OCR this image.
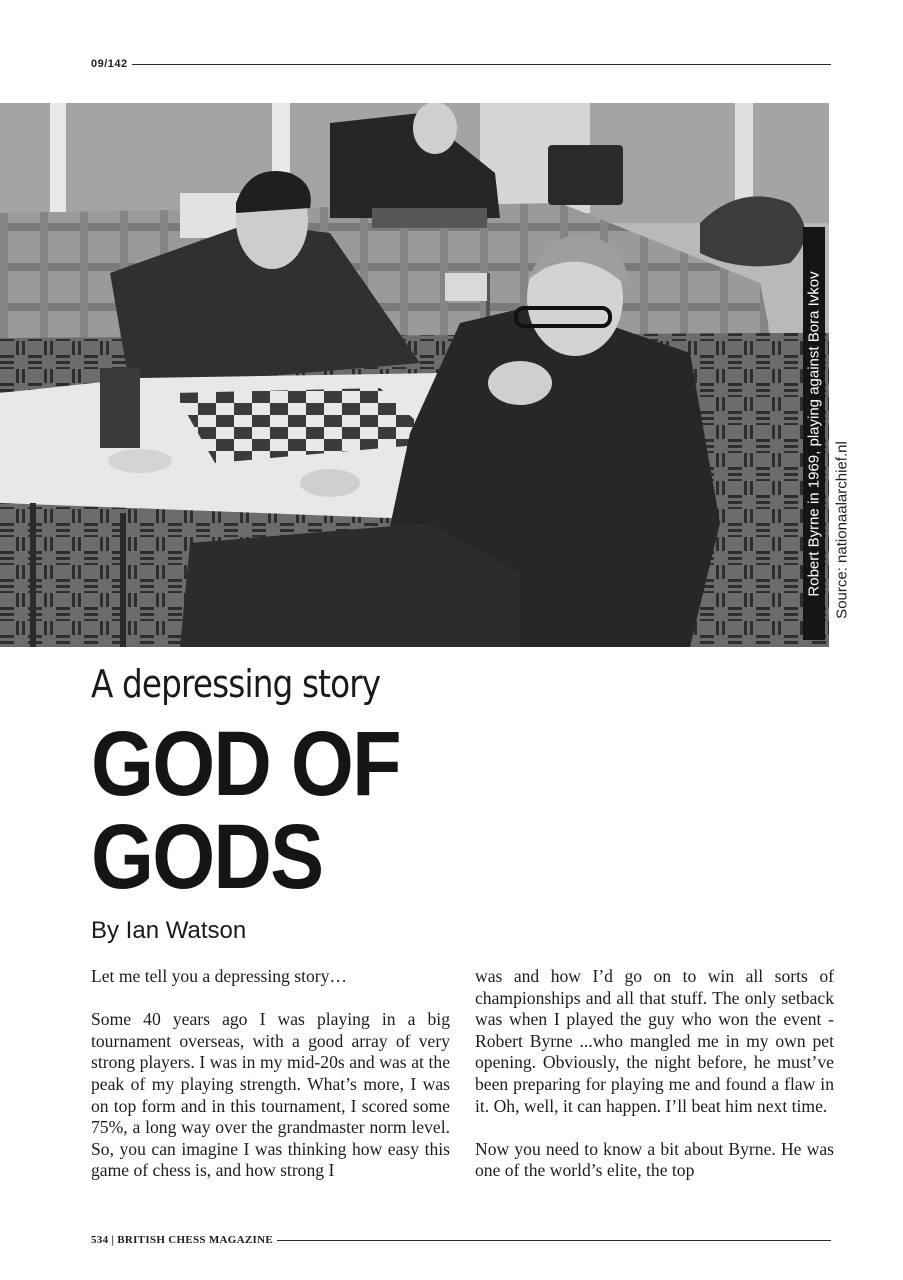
09/142
Robert Byrne in 1969, playing against Bora Ivkov Source: nationaalarchief.nl
A depressing story
GOD OF
GODS
By Ian Watson

Let me tell you a depressing story…

Some 40 years ago I was playing in a big tournament overseas, with a good array of very strong players. I was in my mid-20s and was at the peak of my playing strength. What’s more, I was on top form and in this tournament, I scored some 75%, a long way over the grandmaster norm level. So, you can imagine I was thinking how easy this game of chess is, and how strong I

was and how I’d go on to win all sorts of championships and all that stuff. The only setback was when I played the guy who won the event - Robert Byrne ...who mangled me in my own pet opening. Obviously, the night before, he must’ve been preparing for playing me and found a flaw in it. Oh, well, it can happen. I’ll beat him next time.

Now you need to know a bit about Byrne. He was one of the world’s elite, the top

534 | BRITISH CHESS MAGAZINE
